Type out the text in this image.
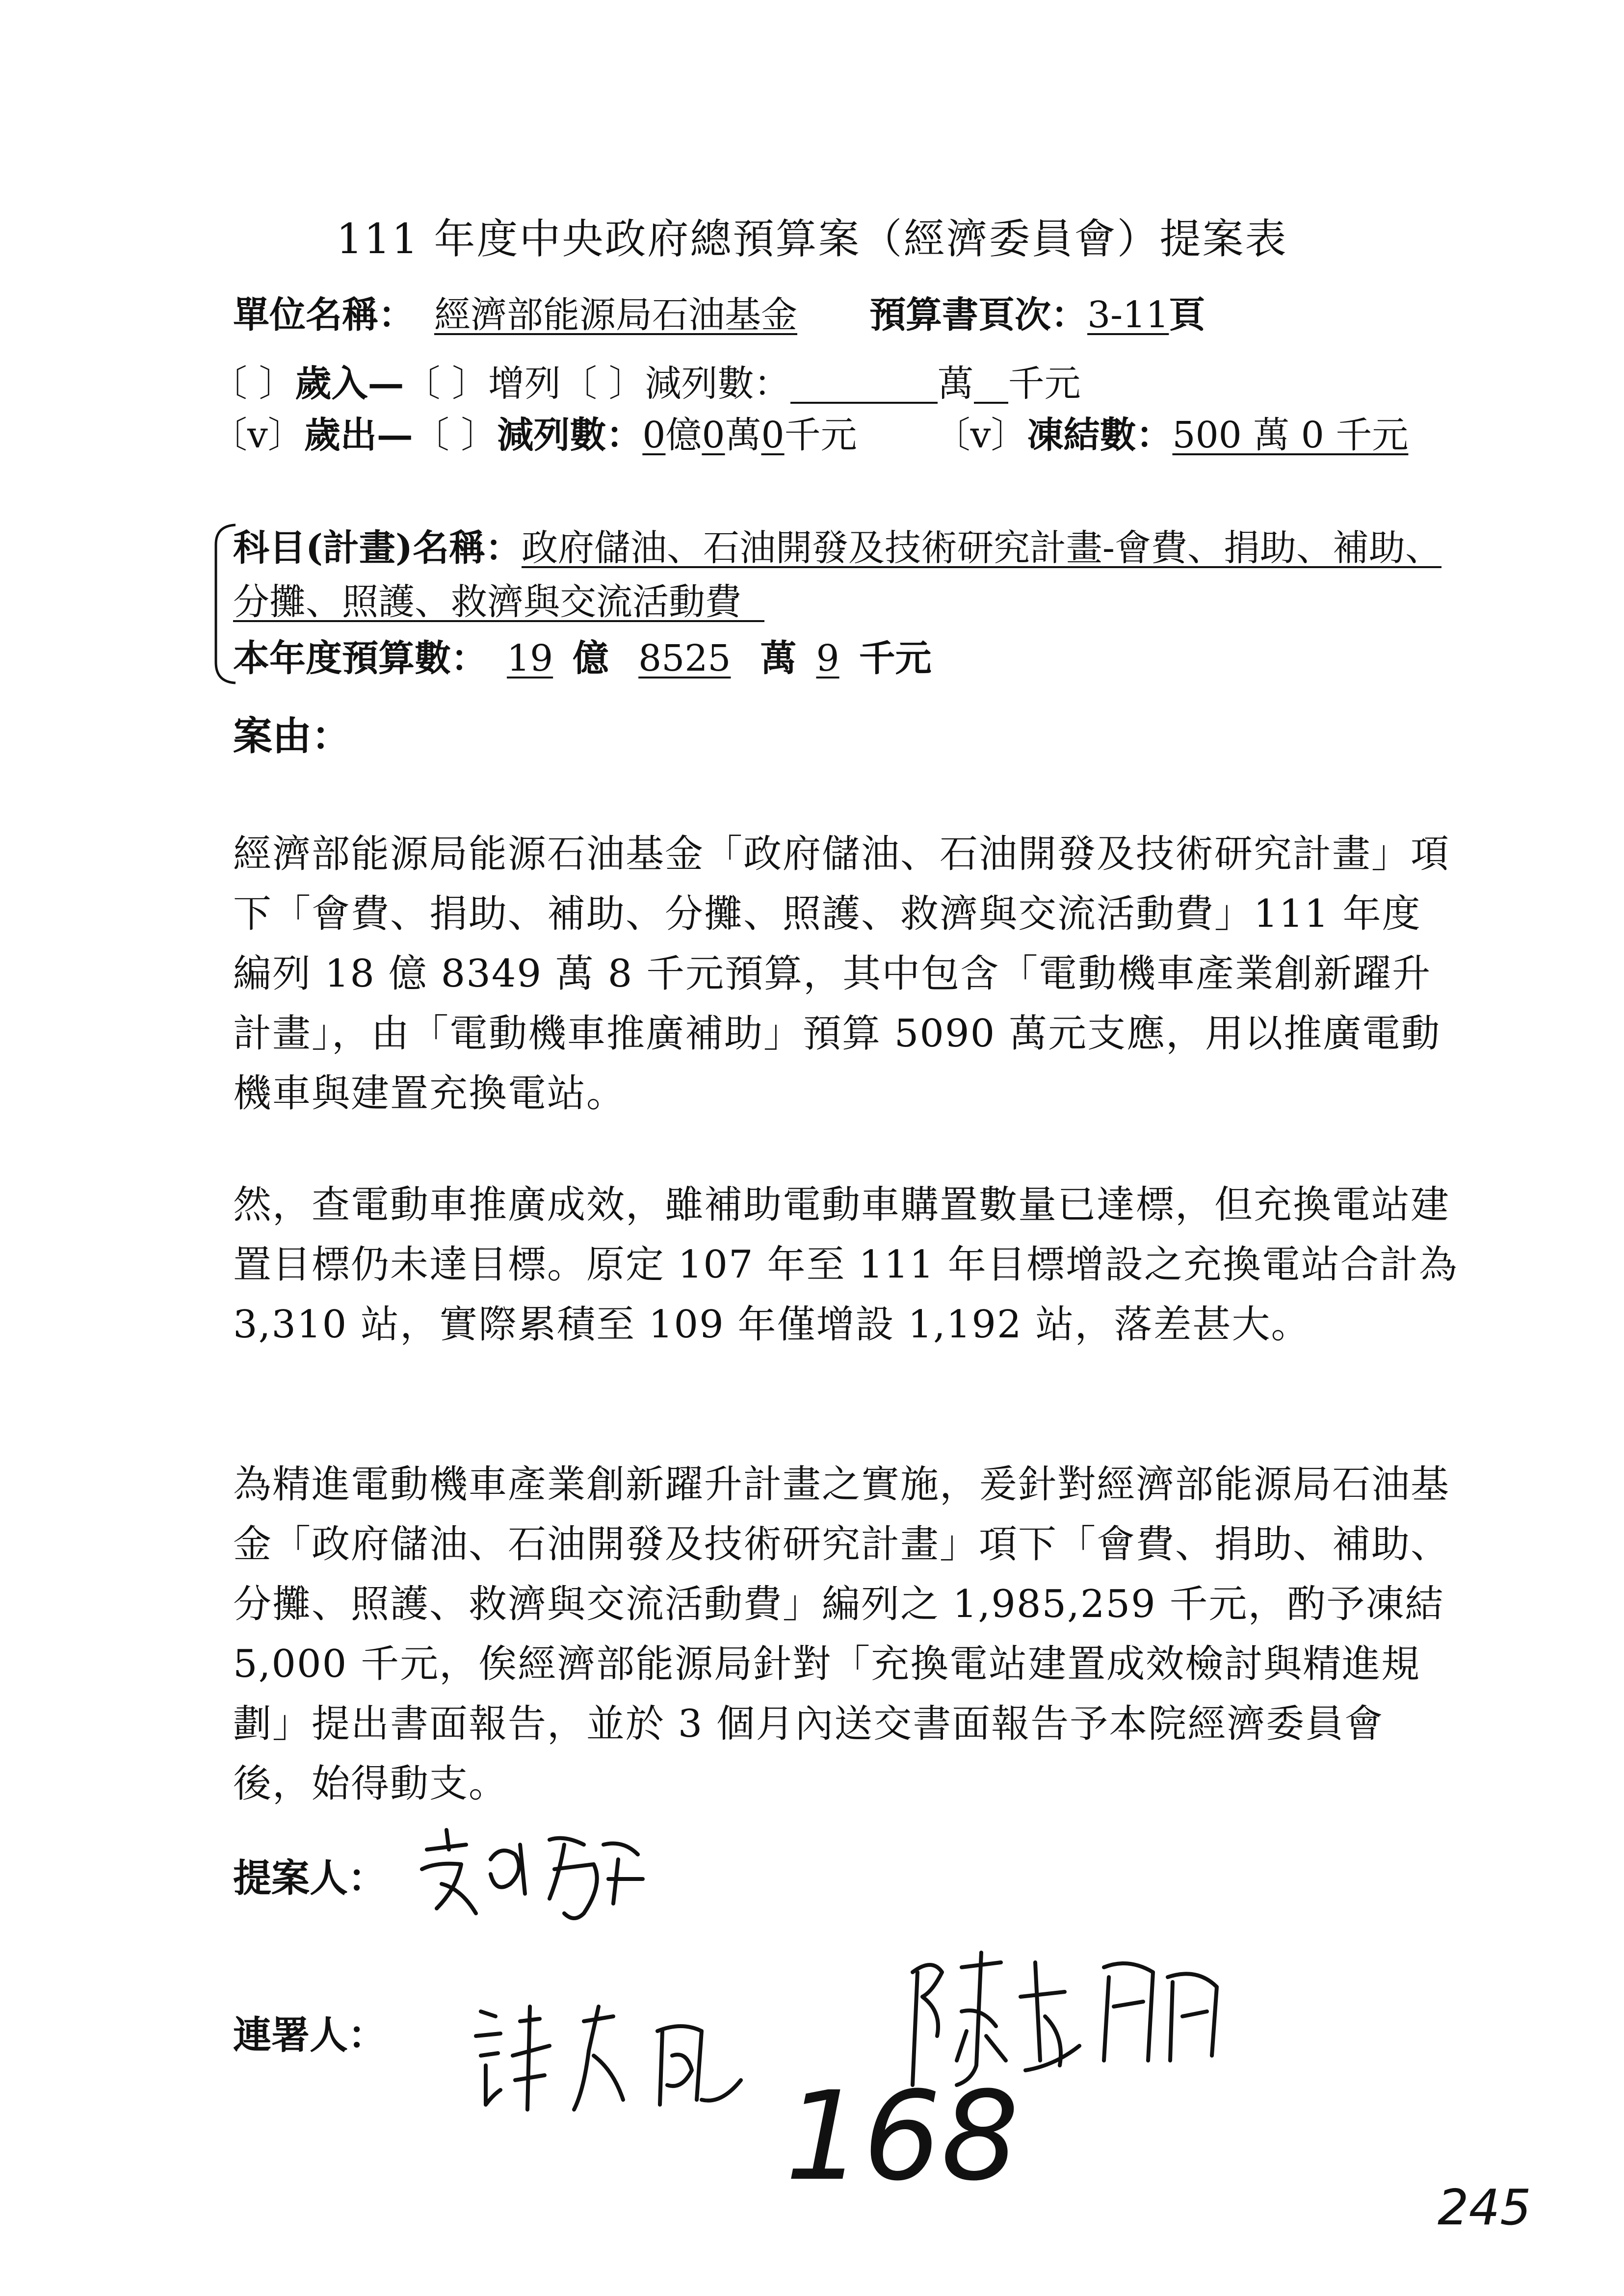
111 年度中央政府總預算案（經濟委員會）提案表
單位名稱： 經濟部能源局石油基金 預算書頁次：3-11頁
〔 〕歲入—〔 〕增列〔 〕減列數：	萬 千元
〔v〕歲出—〔 〕減列數：0億0萬0千元 〔v〕凍結數：500 萬 0 千元
科目(計畫)名稱：政府儲油、石油開發及技術研究計畫-會費、捐助、補助、
分攤、照護、救濟與交流活動費
本年度預算數： 19 億 8525 萬 9 千元
案由：

經濟部能源局能源石油基金「政府儲油、石油開發及技術研究計畫」項下「會費、捐助、補助、分攤、照護、救濟與交流活動費」111 年度編列 18 億 8349 萬 8 千元預算，其中包含「電動機車產業創新躍升計畫」，由「電動機車推廣補助」預算 5090 萬元支應，用以推廣電動機車與建置充換電站。

然，查電動車推廣成效，雖補助電動車購置數量已達標，但充換電站建置目標仍未達目標。原定 107 年至 111 年目標增設之充換電站合計為 3,310 站，實際累積至 109 年僅增設 1,192 站，落差甚大。

為精進電動機車產業創新躍升計畫之實施，爰針對經濟部能源局石油基金「政府儲油、石油開發及技術研究計畫」項下「會費、捐助、補助、分攤、照護、救濟與交流活動費」編列之 1,985,259 千元，酌予凍結 5,000 千元，俟經濟部能源局針對「充換電站建置成效檢討與精進規劃」提出書面報告，並於 3 個月內送交書面報告予本院經濟委員會後，始得動支。

提案人：
連署人：
168	245
